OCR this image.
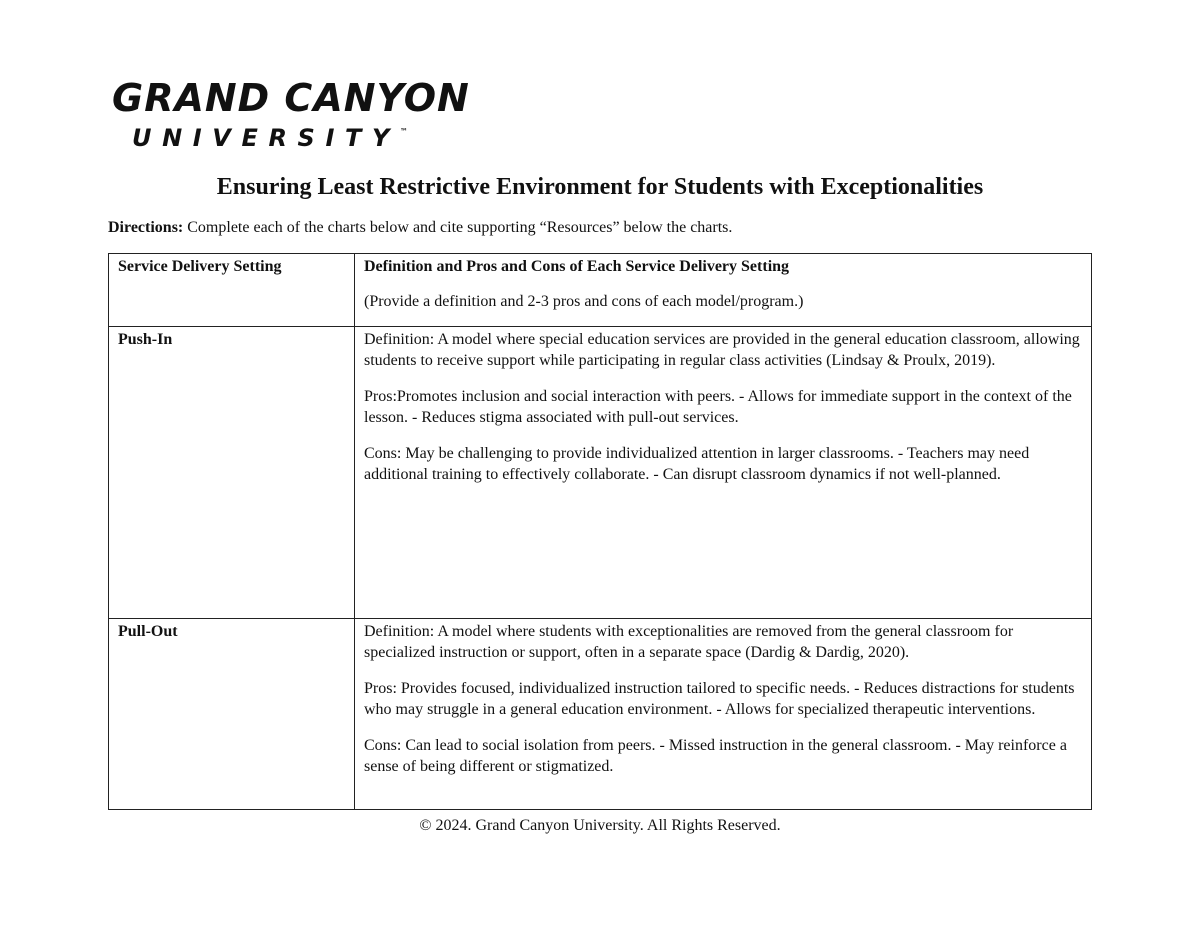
GRAND CANYON
UNIVERSITY™
Ensuring Least Restrictive Environment for Students with Exceptionalities

Directions: Complete each of the charts below and cite supporting “Resources” below the charts.

Service Delivery Setting	Definition and Pros and Cons of Each Service Delivery Setting

(Provide a definition and 2-3 pros and cons of each model/program.)

Push-In	Definition: A model where special education services are provided in the general education classroom, allowing students to receive support while participating in regular class activities (Lindsay & Proulx, 2019).

Pros:Promotes inclusion and social interaction with peers. - Allows for immediate support in the context of the lesson. - Reduces stigma associated with pull-out services.

Cons: May be challenging to provide individualized attention in larger classrooms. - Teachers may need additional training to effectively collaborate. - Can disrupt classroom dynamics if not well-planned.

Pull-Out	Definition: A model where students with exceptionalities are removed from the general classroom for specialized instruction or support, often in a separate space (Dardig & Dardig, 2020).

Pros: Provides focused, individualized instruction tailored to specific needs. - Reduces distractions for students who may struggle in a general education environment. - Allows for specialized therapeutic interventions.

Cons: Can lead to social isolation from peers. - Missed instruction in the general classroom. - May reinforce a sense of being different or stigmatized.

© 2024. Grand Canyon University. All Rights Reserved.
